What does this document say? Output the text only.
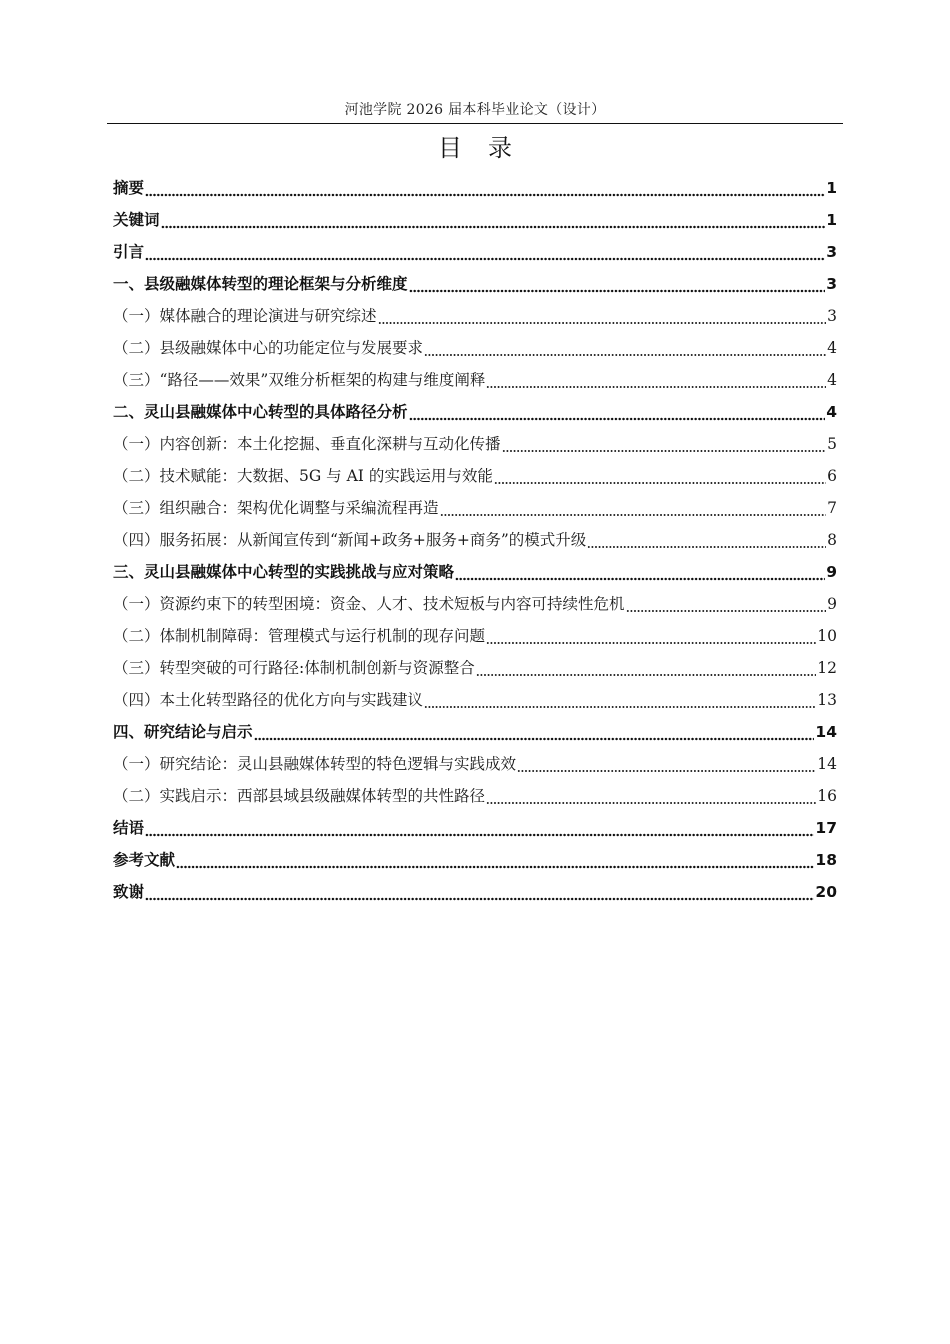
河池学院 2026 届本科毕业论文（设计）
目录
摘要	1
关键词	1
引言	3
一、县级融媒体转型的理论框架与分析维度	3
（一）媒体融合的理论演进与研究综述	3
（二）县级融媒体中心的功能定位与发展要求	4
（三）“路径——效果”双维分析框架的构建与维度阐释	4
二、灵山县融媒体中心转型的具体路径分析	4
（一）内容创新：本土化挖掘、垂直化深耕与互动化传播	5
（二）技术赋能：大数据、5G 与 AI 的实践运用与效能	6
（三）组织融合：架构优化调整与采编流程再造	7
（四）服务拓展：从新闻宣传到“新闻+政务+服务+商务”的模式升级	8
三、灵山县融媒体中心转型的实践挑战与应对策略	9
（一）资源约束下的转型困境：资金、人才、技术短板与内容可持续性危机	9
（二）体制机制障碍：管理模式与运行机制的现存问题	10
（三）转型突破的可行路径:体制机制创新与资源整合	12
（四）本土化转型路径的优化方向与实践建议	13
四、研究结论与启示	14
（一）研究结论：灵山县融媒体转型的特色逻辑与实践成效	14
（二）实践启示：西部县域县级融媒体转型的共性路径	16
结语	17
参考文献	18
致谢	20
